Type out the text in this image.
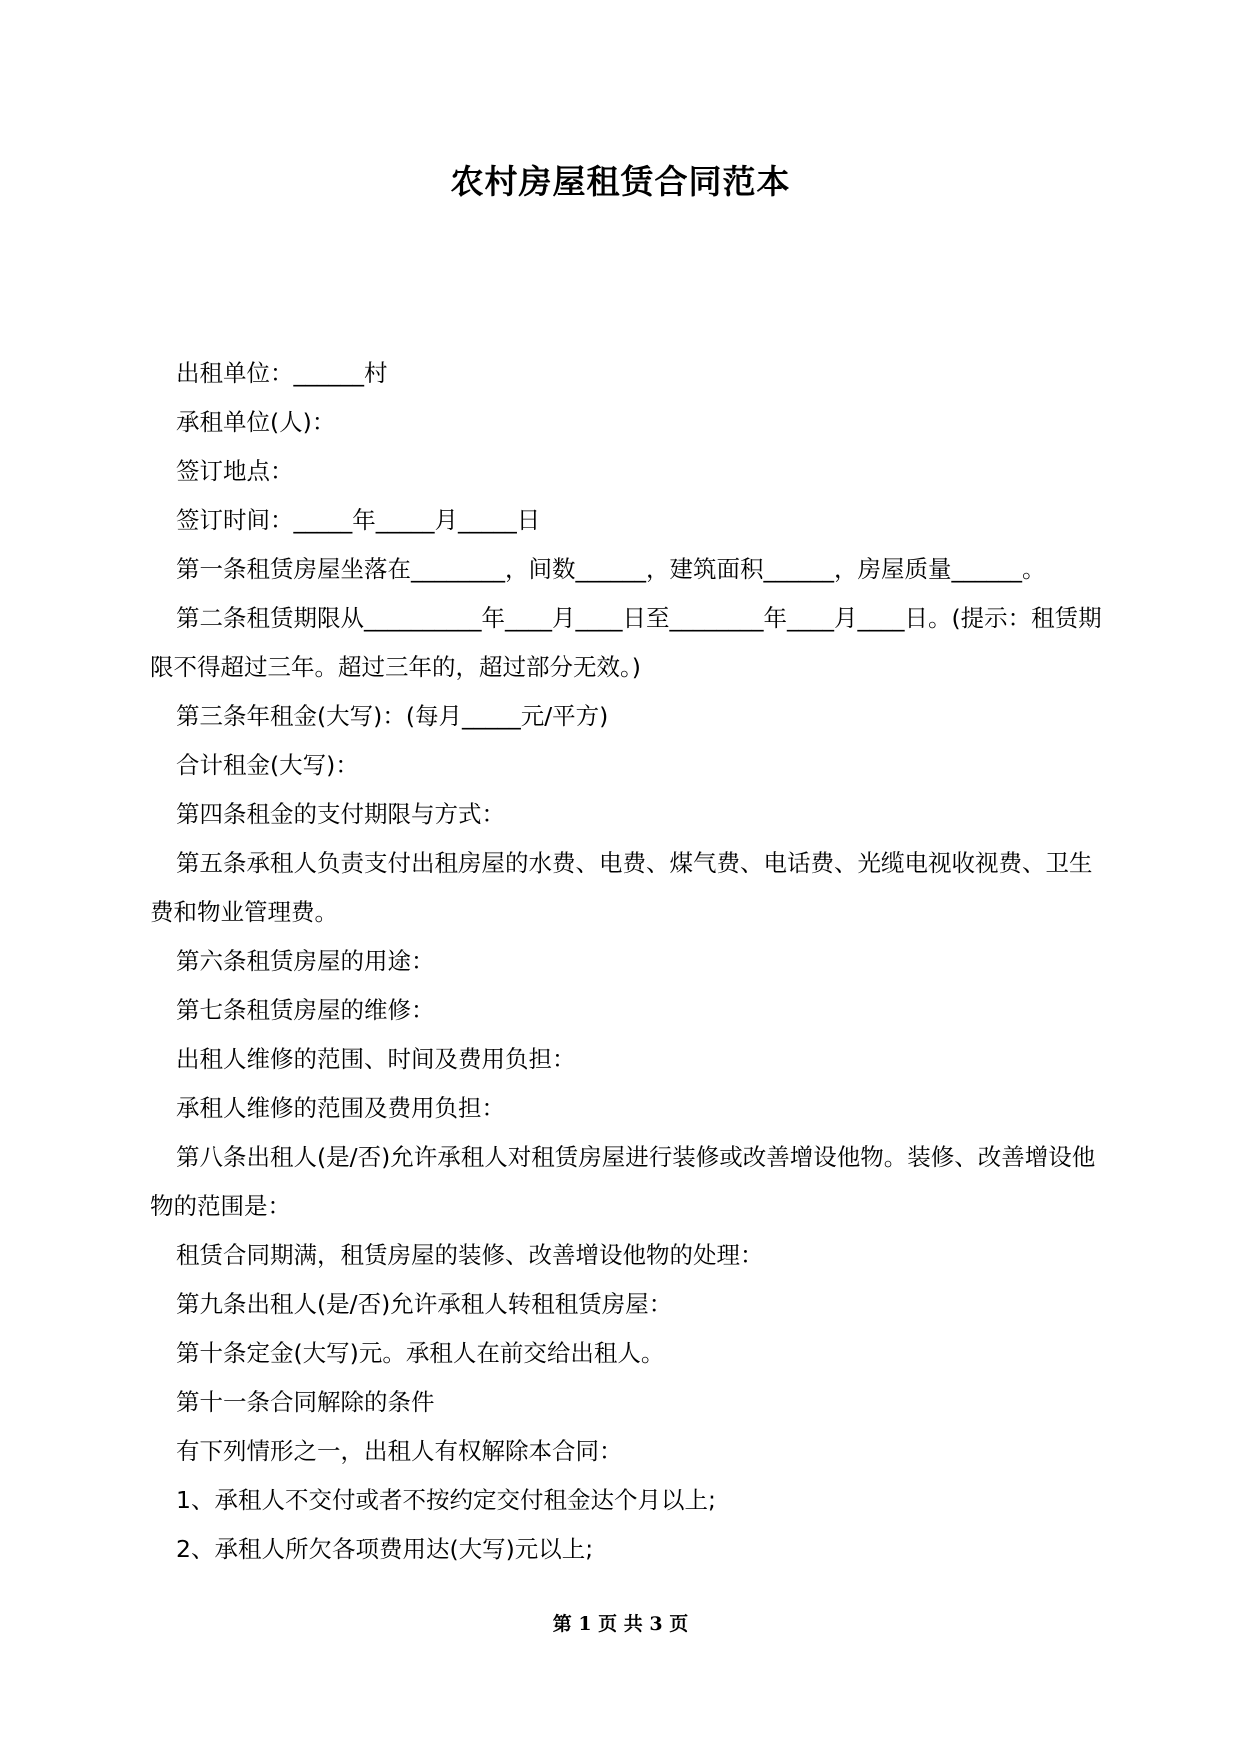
农村房屋租赁合同范本

出租单位：______村

承租单位(人)：

签订地点：

签订时间：_____年_____月_____日

第一条租赁房屋坐落在________，间数______，建筑面积______，房屋质量______。

第二条租赁期限从__________年____月____日至________年____月____日。(提示：租赁期限不得超过三年。超过三年的，超过部分无效。)

第三条年租金(大写)：(每月_____元/平方)

合计租金(大写)：

第四条租金的支付期限与方式：

第五条承租人负责支付出租房屋的水费、电费、煤气费、电话费、光缆电视收视费、卫生费和物业管理费。

第六条租赁房屋的用途：

第七条租赁房屋的维修：

出租人维修的范围、时间及费用负担：

承租人维修的范围及费用负担：

第八条出租人(是/否)允许承租人对租赁房屋进行装修或改善增设他物。装修、改善增设他物的范围是：

租赁合同期满，租赁房屋的装修、改善增设他物的处理：

第九条出租人(是/否)允许承租人转租租赁房屋：

第十条定金(大写)元。承租人在前交给出租人。

第十一条合同解除的条件

有下列情形之一，出租人有权解除本合同：

1、承租人不交付或者不按约定交付租金达个月以上;

2、承租人所欠各项费用达(大写)元以上;

第 1 页 共 3 页
